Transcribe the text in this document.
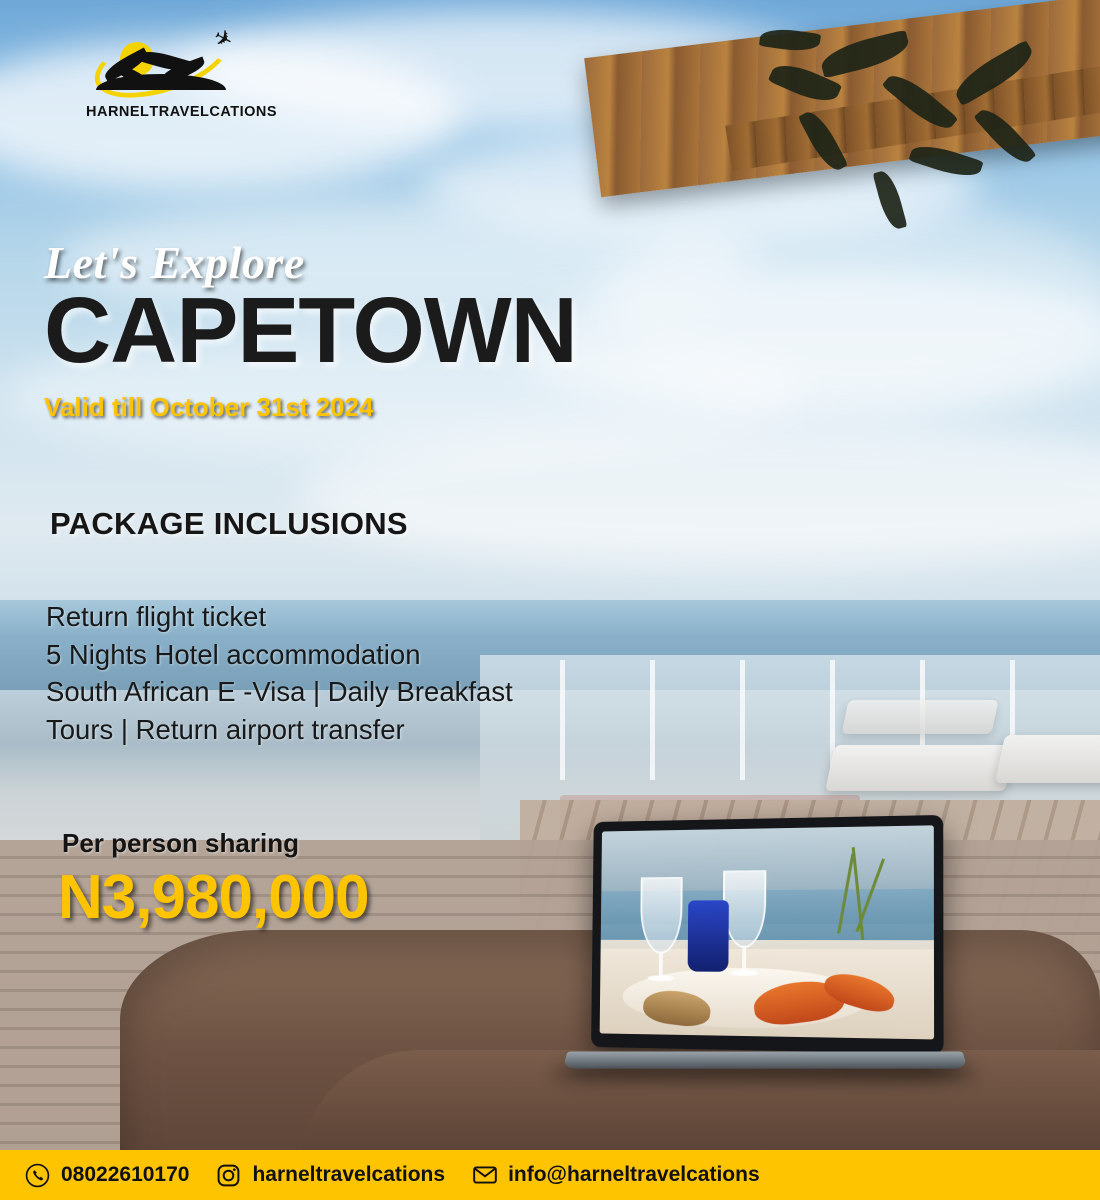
✈
HARNELTRAVELCATIONS
Let's Explore
CAPETOWN
Valid till October 31st 2024
PACKAGE INCLUSIONS
Return flight ticket
5 Nights Hotel accommodation
South African E -Visa | Daily Breakfast
Tours | Return airport transfer
Per person sharing
N3,980,000
08022610170	harneltravelcations	info@harneltravelcations
